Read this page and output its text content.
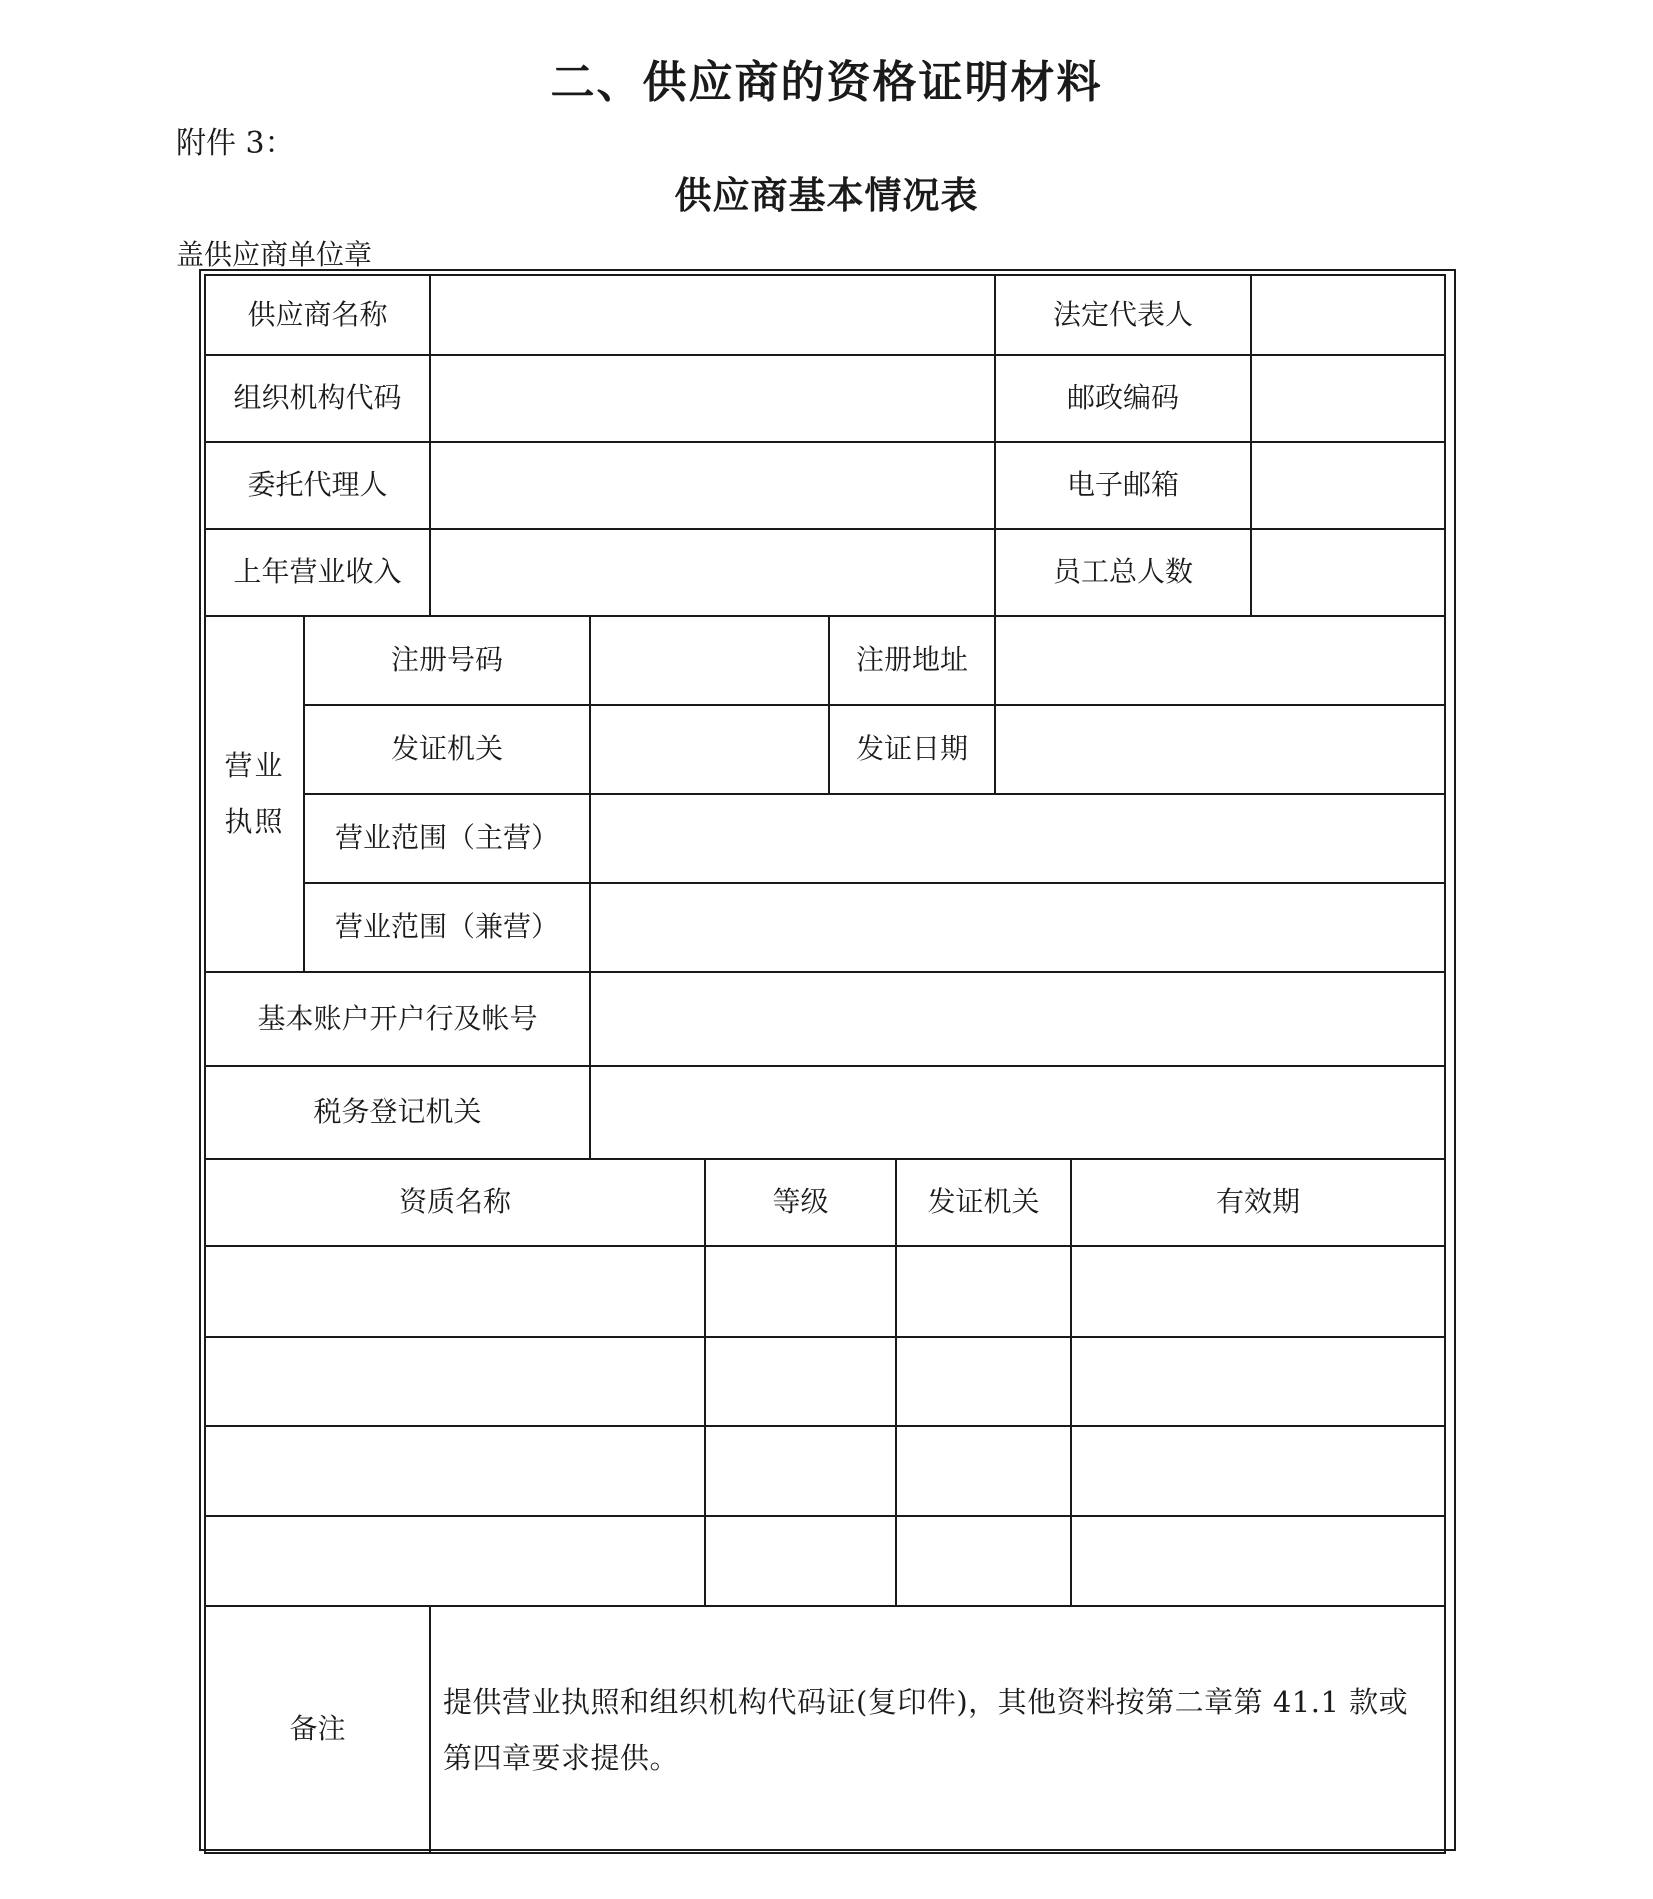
二、供应商的资格证明材料
附件 3：
供应商基本情况表
盖供应商单位章
供应商名称							法定代表人		
组织机构代码							邮政编码		
委托代理人							电子邮箱		
上年营业收入							员工总人数		
营业执照	注册号码				注册地址				
	发证机关				发证日期				
	营业范围（主营）								
	营业范围（兼营）								
基本账户开户行及帐号									
税务登记机关									
资质名称				等级		发证机关		有效期	

备注		提供营业执照和组织机构代码证(复印件)，其他资料按第二章第 41.1 款或第四章要求提供。							
